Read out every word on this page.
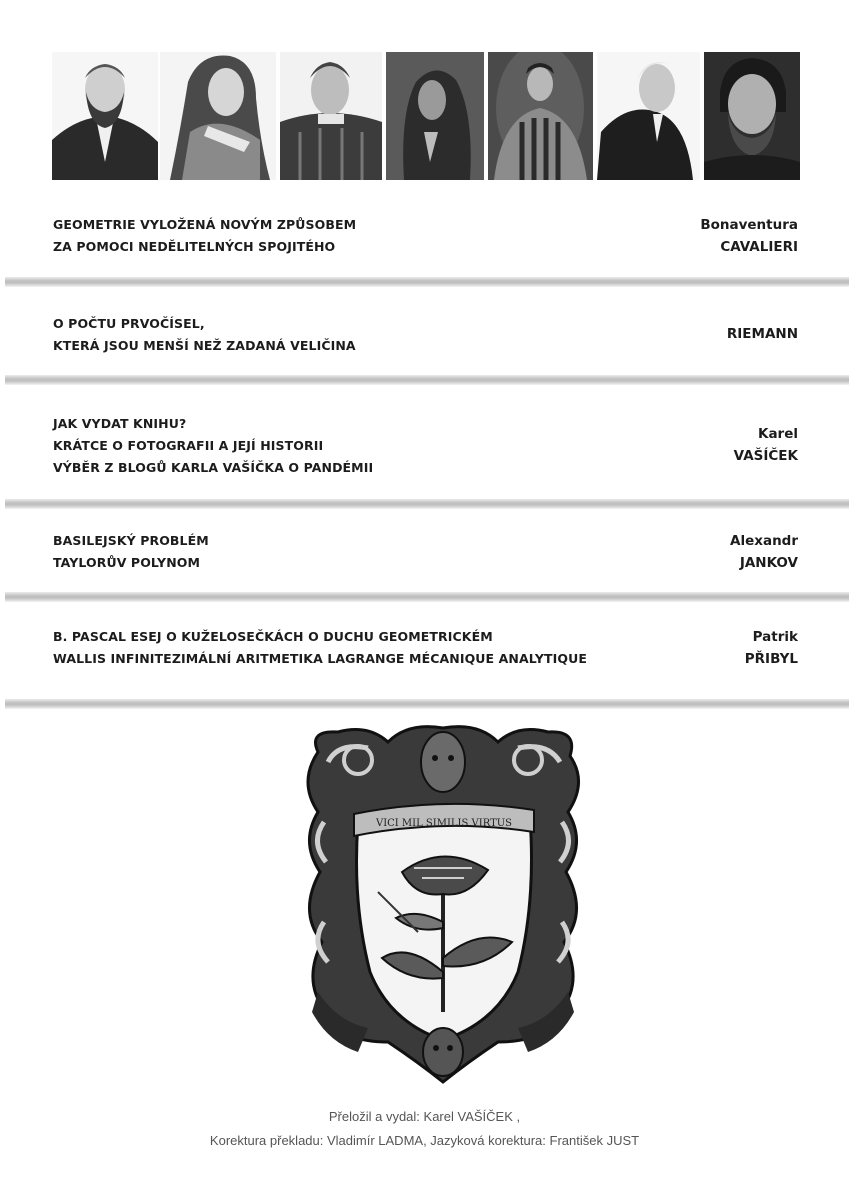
GEOMETRIE VYLOŽENÁ NOVÝM ZPŮSOBEM
ZA POMOCI NEDĚLITELNÝCH SPOJITÉHO
Bonaventura
CAVALIERI
O POČTU PRVOČÍSEL,
KTERÁ JSOU MENŠÍ NEŽ ZADANÁ VELIČINA
RIEMANN
JAK VYDAT KNIHU?
KRÁTCE O FOTOGRAFII A JEJÍ HISTORII
VÝBĚR Z BLOGŮ KARLA VAŠÍČKA O PANDÉMII
Karel
VAŠÍČEK
BASILEJSKÝ PROBLÉM
TAYLORŮV POLYNOM
Alexandr
JANKOV
B. PASCAL ESEJ O KUŽELOSEČKÁCH O DUCHU GEOMETRICKÉM
WALLIS INFINITEZIMÁLNÍ ARITMETIKA LAGRANGE MÉCANIQUE ANALYTIQUE
Patrik
PŘIBYL
VICI MIL SIMILIS VIRTUS
Přeložil a vydal: Karel VAŠÍČEK ,
Korektura překladu: Vladimír LADMA, Jazyková korektura: František JUST
